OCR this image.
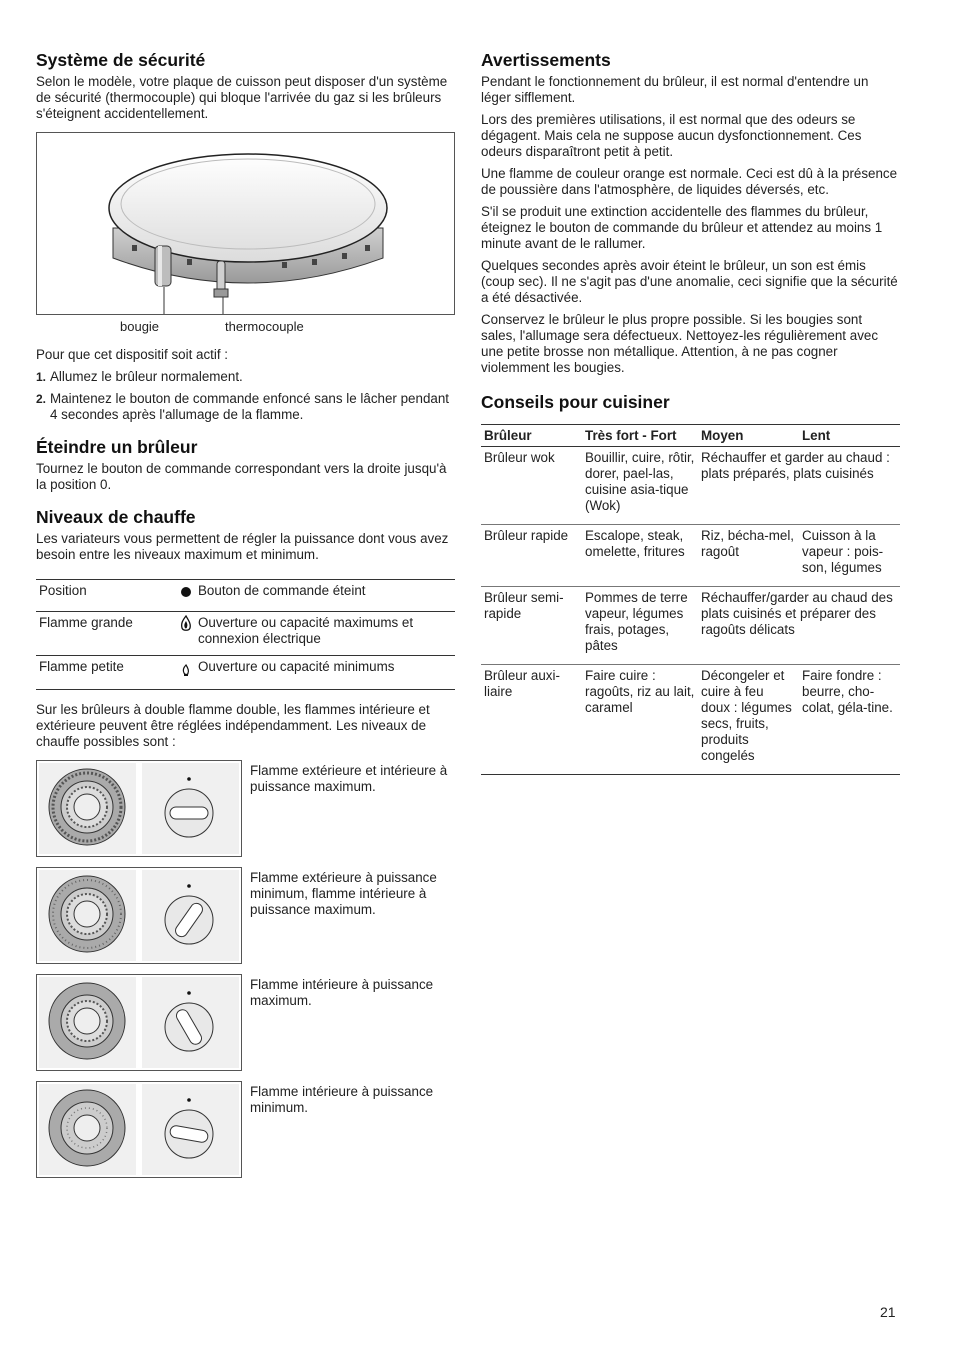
Système de sécurité

Selon le modèle, votre plaque de cuisson peut disposer d'un système de sécurité (thermocouple) qui bloque l'arrivée du gaz si les brûleurs s'éteignent accidentellement.

bougie	thermocouple

Pour que cet dispositif soit actif :

1. Allumez le brûleur normalement.
2. Maintenez le bouton de commande enfoncé sans le lâcher pendant 4 secondes après l'allumage de la flamme.
Éteindre un brûleur

Tournez le bouton de commande correspondant vers la droite jusqu'à la position 0.

Niveaux de chauffe

Les variateurs vous permettent de régler la puissance dont vous avez besoin entre les niveaux maximum et minimum.

Position		Bouton de commande éteint
Flamme grande		Ouverture ou capacité maximums et connexion électrique
Flamme petite		Ouverture ou capacité minimums

Sur les brûleurs à double flamme double, les flammes intérieure et extérieure peuvent être réglées indépendamment. Les niveaux de chauffe possibles sont :

Flamme extérieure et intérieure à puissance maximum.
Flamme extérieure à puissance minimum, flamme intérieure à puissance maximum.
Flamme intérieure à puissance maximum.
Flamme intérieure à puissance minimum.
Avertissements

Pendant le fonctionnement du brûleur, il est normal d'entendre un léger sifflement.

Lors des premières utilisations, il est normal que des odeurs se dégagent. Mais cela ne suppose aucun dysfonctionnement. Ces odeurs disparaîtront petit à petit.

Une flamme de couleur orange est normale. Ceci est dû à la présence de poussière dans l'atmosphère, de liquides déversés, etc.

S'il se produit une extinction accidentelle des flammes du brûleur, éteignez le bouton de commande du brûleur et attendez au moins 1 minute avant de le rallumer.

Quelques secondes après avoir éteint le brûleur, un son est émis (coup sec). Il ne s'agit pas d'une anomalie, ceci signifie que la sécurité a été désactivée.

Conservez le brûleur le plus propre possible. Si les bougies sont sales, l'allumage sera défectueux. Nettoyez-les régulièrement avec une petite brosse non métallique. Attention, à ne pas cogner violemment les bougies.

Conseils pour cuisiner
Brûleur	Très fort - Fort	Moyen	Lent
Brûleur wok	Bouillir, cuire, rôtir, dorer, pael-las, cuisine asia-tique (Wok)	Réchauffer et garder au chaud : plats préparés, plats cuisinés	
Brûleur rapide	Escalope, steak, omelette, fritures	Riz, bécha-mel, ragoût	Cuisson à la vapeur : pois-son, légumes
Brûleur semi-rapide	Pommes de terre vapeur, légumes frais, potages, pâtes	Réchauffer/garder au chaud des plats cuisinés et préparer des ragoûts délicats	
Brûleur auxi-liaire	Faire cuire : ragoûts, riz au lait, caramel	Décongeler et cuire à feu doux : légumes secs, fruits, produits congelés	Faire fondre : beurre, cho-colat, géla-tine.
21
